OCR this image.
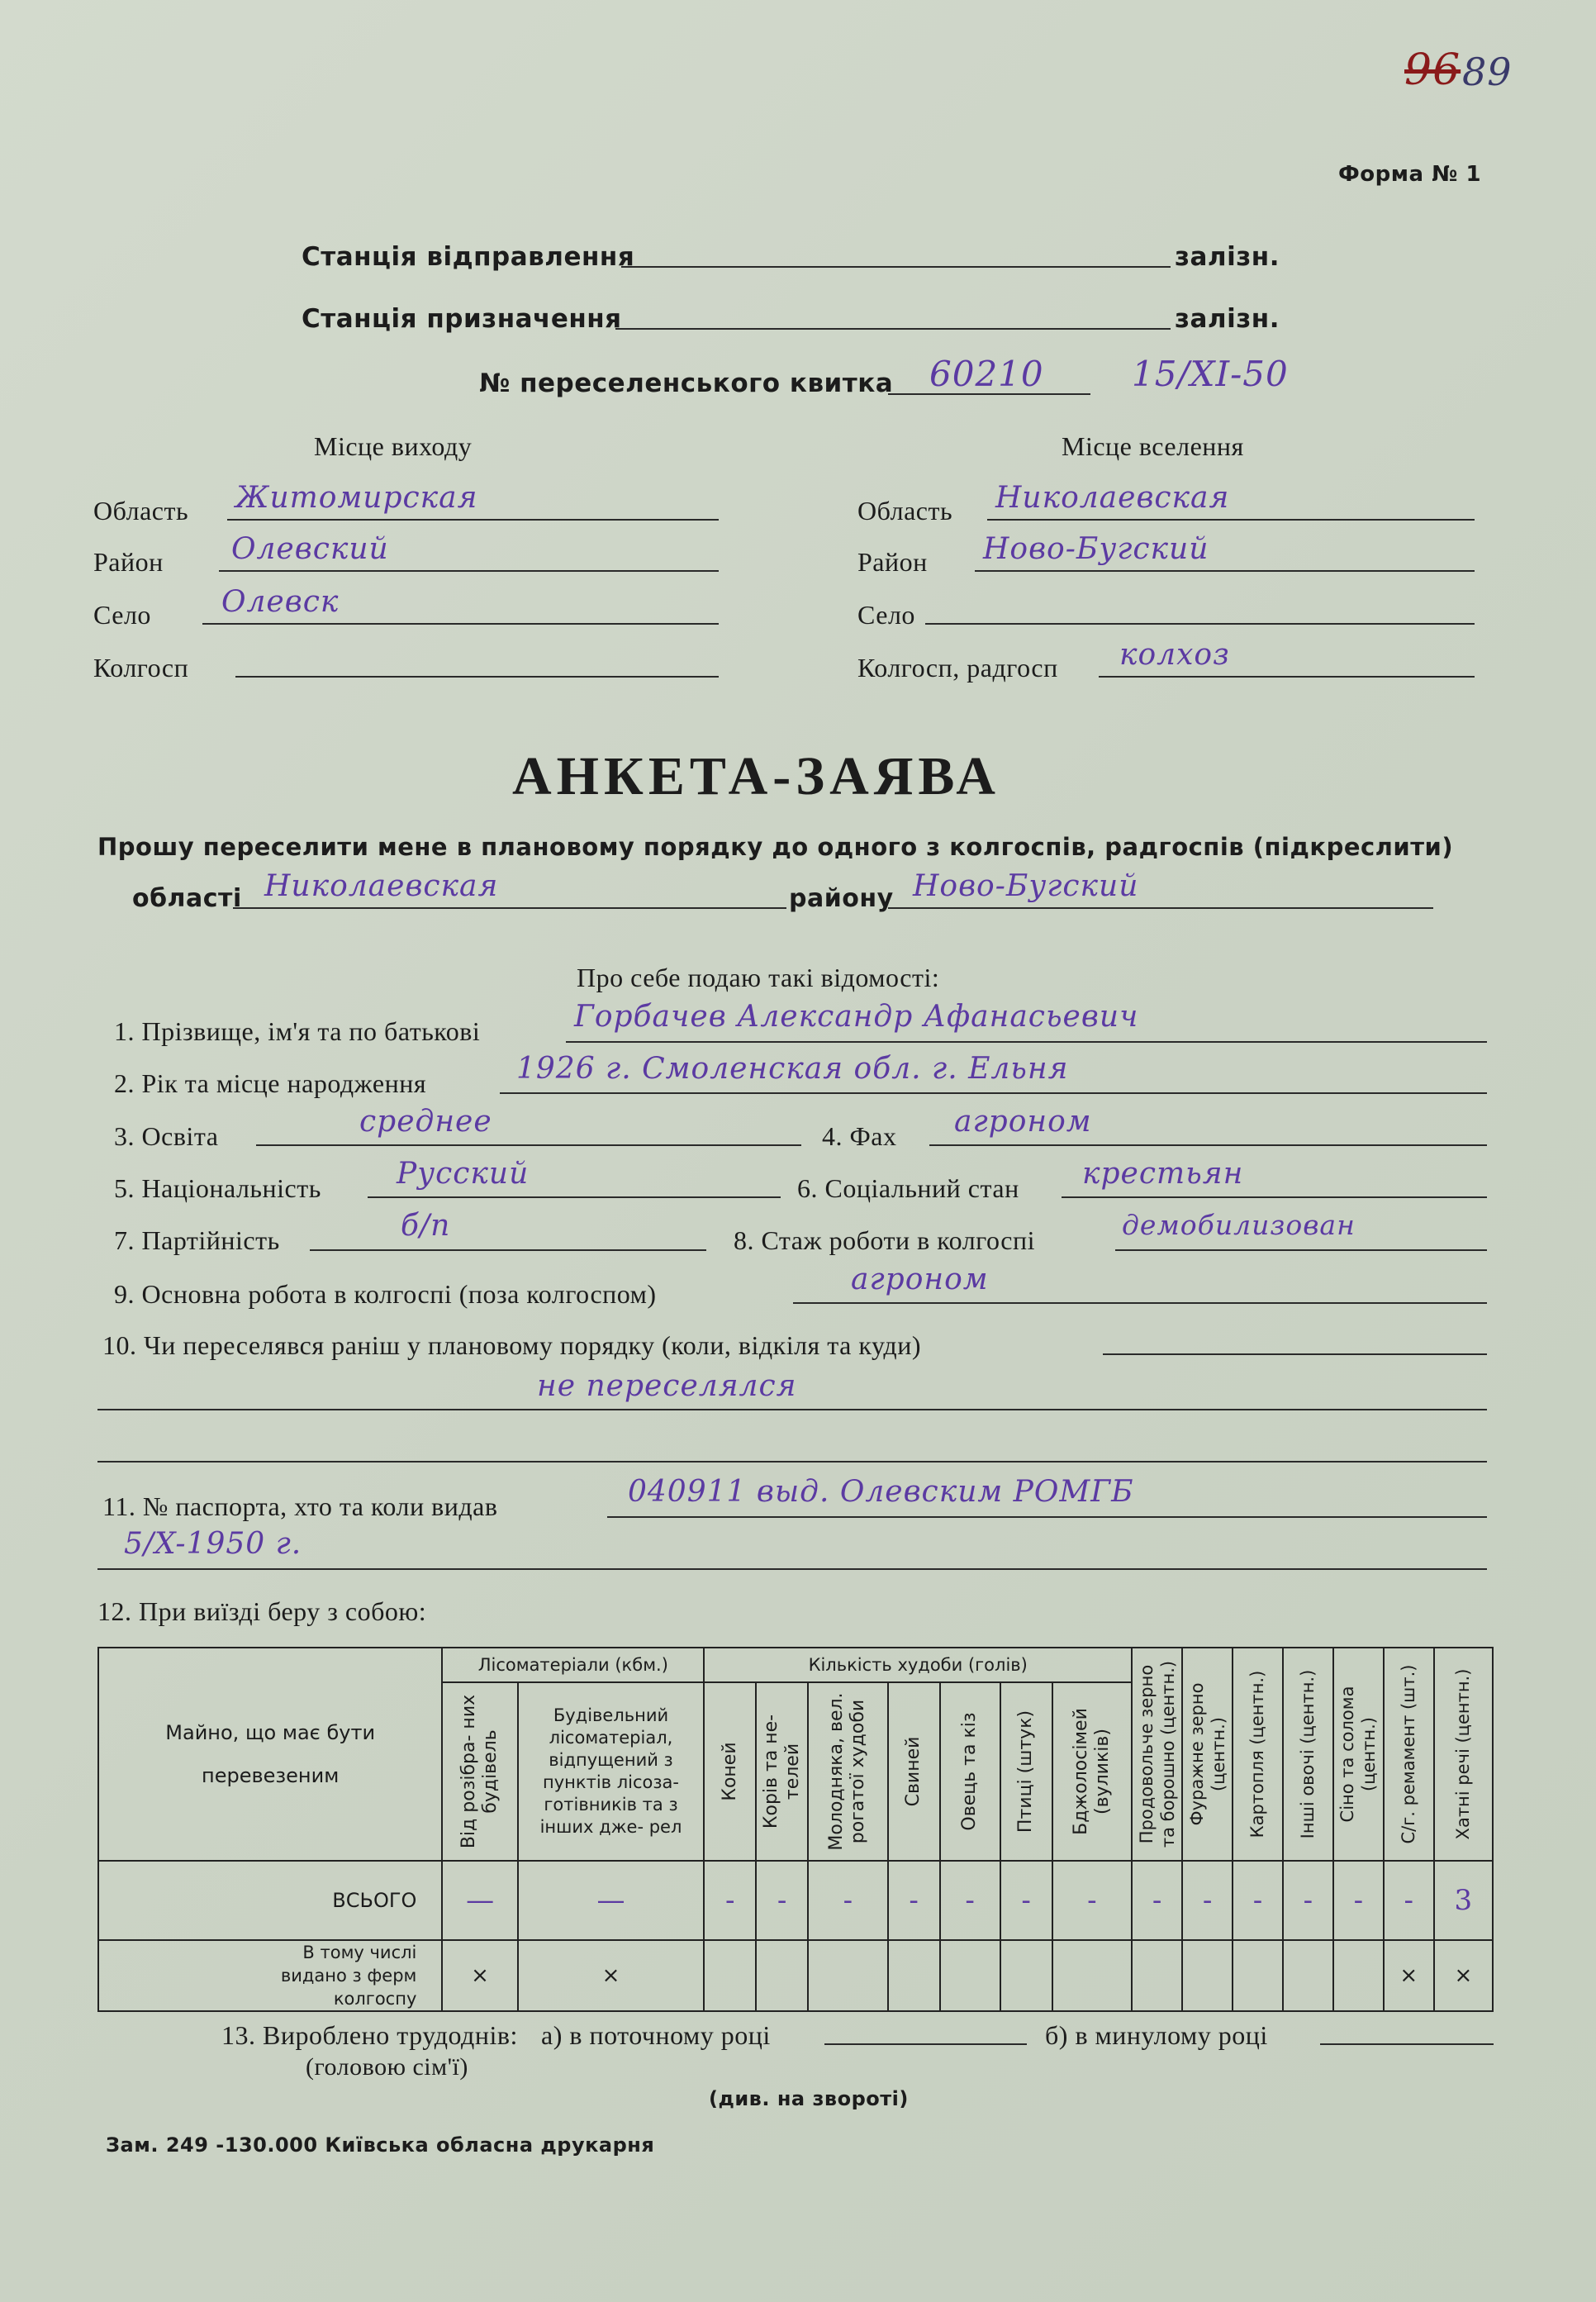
96 89
Форма № 1
Станція відправлення	залізн.
Станція призначення	залізн.
№ переселенського квитка 60210	15/XI-50
Місце виходу	Місце вселення
Область Житомирская
Район Олевский
Село Олевск
Колгосп
Область Николаевская
Район Ново-Бугский
Село
Колгосп, радгосп колхоз
АНКЕТА-ЗАЯВА
Прошу переселити мене в плановому порядку до одного з колгоспів, радгоспів (підкреслити)
області Николаевская	району Ново-Бугский
Про себе подаю такі відомості:
1. Прізвище, ім'я та по батькові	Горбачев Александр Афанасьевич
2. Рік та місце народження	1926 г. Смоленская обл. г. Ельня
3. Освіта	среднее	4. Фах агроном
5. Національність	Русский	6. Соціальний стан крестьян
7. Партійність	б/п	8. Стаж роботи в колгоспі	демобилизован
9. Основна робота в колгоспі (поза колгоспом)	агроном
10. Чи переселявся раніш у плановому порядку (коли, відкіля та куди)
не переселялся
11. № паспорта, хто та коли видав	040911 выд. Олевским РОМГБ
5/X-1950 г.
12. При виїзді беру з собою:
Майно, що має бути перевезеним	Лісоматеріали (кбм.)		Кількість худоби (голів)							Продовольче зерно та борошно (центн.)	Фуражне зерно (центн.)	Картопля (центн.)	Інші овочі (центн.)	Сіно та солома (центн.)	С/г. ремамент (шт.)	Хатні речі (центн.)

	Від розібра- них будівель	Будівельний лісоматеріал, відпущений з пунктів лісоза- готівників та з інших дже- рел	Коней	Корів та не- телей	Молодняка, вел. рогатої худоби	Свиней	Овець та кіз	Птиці (штук)	Бджолосімей (вуликів)							

ВСЬОГО	—	—	-	-	-	-	-	-	-	-	-	-	-	-	-	3

В тому числі видано з ферм колгоспу	×	×													×	×
13. Вироблено трудоднів:
(головою сім'ї)
а) в поточному році	б) в минулому році
(див. на звороті)
Зам. 249 -130.000 Київська обласна друкарня
